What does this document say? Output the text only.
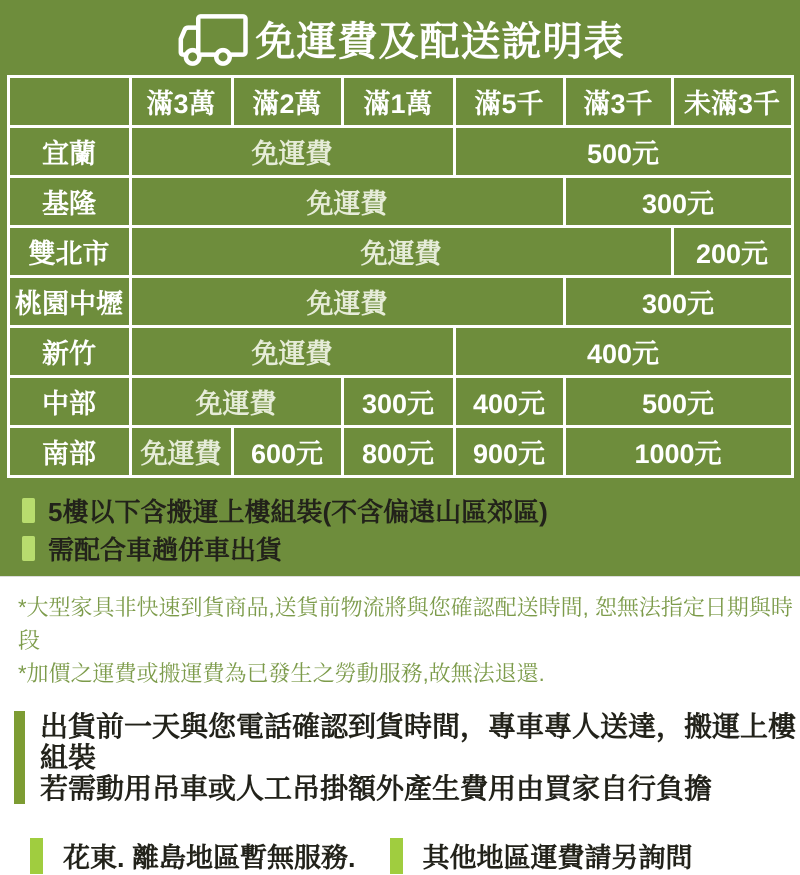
免運費及配送說明表
	滿3萬	滿2萬	滿1萬	滿5千	滿3千	未滿3千
宜蘭	免運費			500元		
基隆	免運費				300元	
雙北市	免運費					200元
桃園中壢	免運費				300元	
新竹	免運費			400元		
中部	免運費		300元	400元	500元	
南部	免運費	600元	800元	900元	1000元	
5樓以下含搬運上樓組裝(不含偏遠山區郊區)
需配合車趟併車出貨

*大型家具非快速到貨商品,送貨前物流將與您確認配送時間, 恕無法指定日期與時段

*加價之運費或搬運費為已發生之勞動服務,故無法退還.

出貨前一天與您電話確認到貨時間，專車專人送達，搬運上樓組裝
若需動用吊車或人工吊掛額外產生費用由買家自行負擔
花東. 離島地區暫無服務. 其他地區運費請另詢問
